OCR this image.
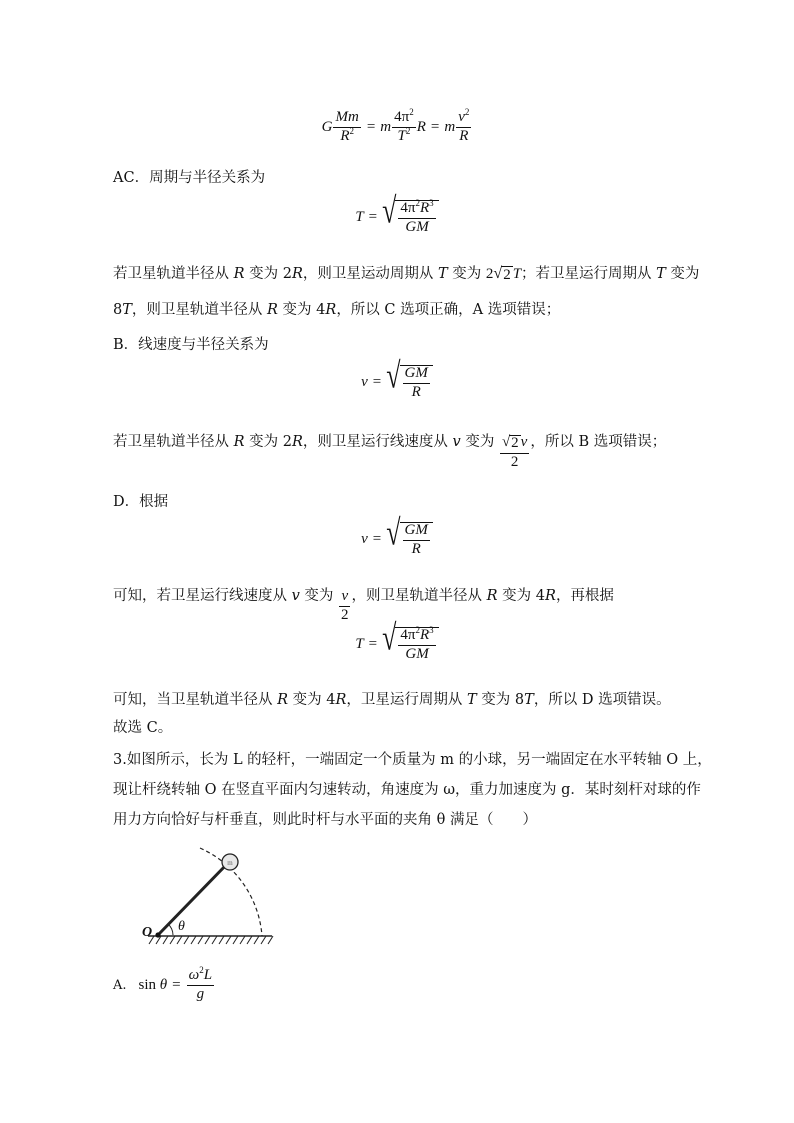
G $\frac{Mm}{R^2} = m \frac{4\pi^2}{T^2}$ R = m $\frac{v^2}{R}$
AC．周期与半径关系为
T = √ $\frac{4\pi^2R^3}{GM}$
若卫星轨道半径从 R 变为 2R，则卫星运动周期从 T 变为 2 √ 2 T ；若卫星运行周期从 T 变为
8T，则卫星轨道半径从 R 变为 4R，所以 C 选项正确，A 选项错误；
B．线速度与半径关系为
v = √ $\frac{GM}{R}$
若卫星轨道半径从 R 变为 2R，则卫星运行线速度从 v 变为 $\frac{√ 2 v}{2}$ ，所以 B 选项错误；
D．根据
v = √ $\frac{GM}{R}$
可知，若卫星运行线速度从 v 变为 $\frac{v}{2}$ ，则卫星轨道半径从 R 变为 4R，再根据
T = √ $\frac{4\pi^2R^3}{GM}$
可知，当卫星轨道半径从 R 变为 4R，卫星运行周期从 T 变为 8T，所以 D 选项错误。
故选 C。
3.如图所示，长为 L 的轻杆，一端固定一个质量为 m 的小球，另一端固定在水平转轴 O 上，
现让杆绕转轴 O 在竖直平面内匀速转动，角速度为 ω，重力加速度为 g．某时刻杆对球的作
用力方向恰好与杆垂直，则此时杆与水平面的夹角 θ 满足（　　）
m
O θ
A. $\sin \theta = \frac{\omega^2L}{g}$
